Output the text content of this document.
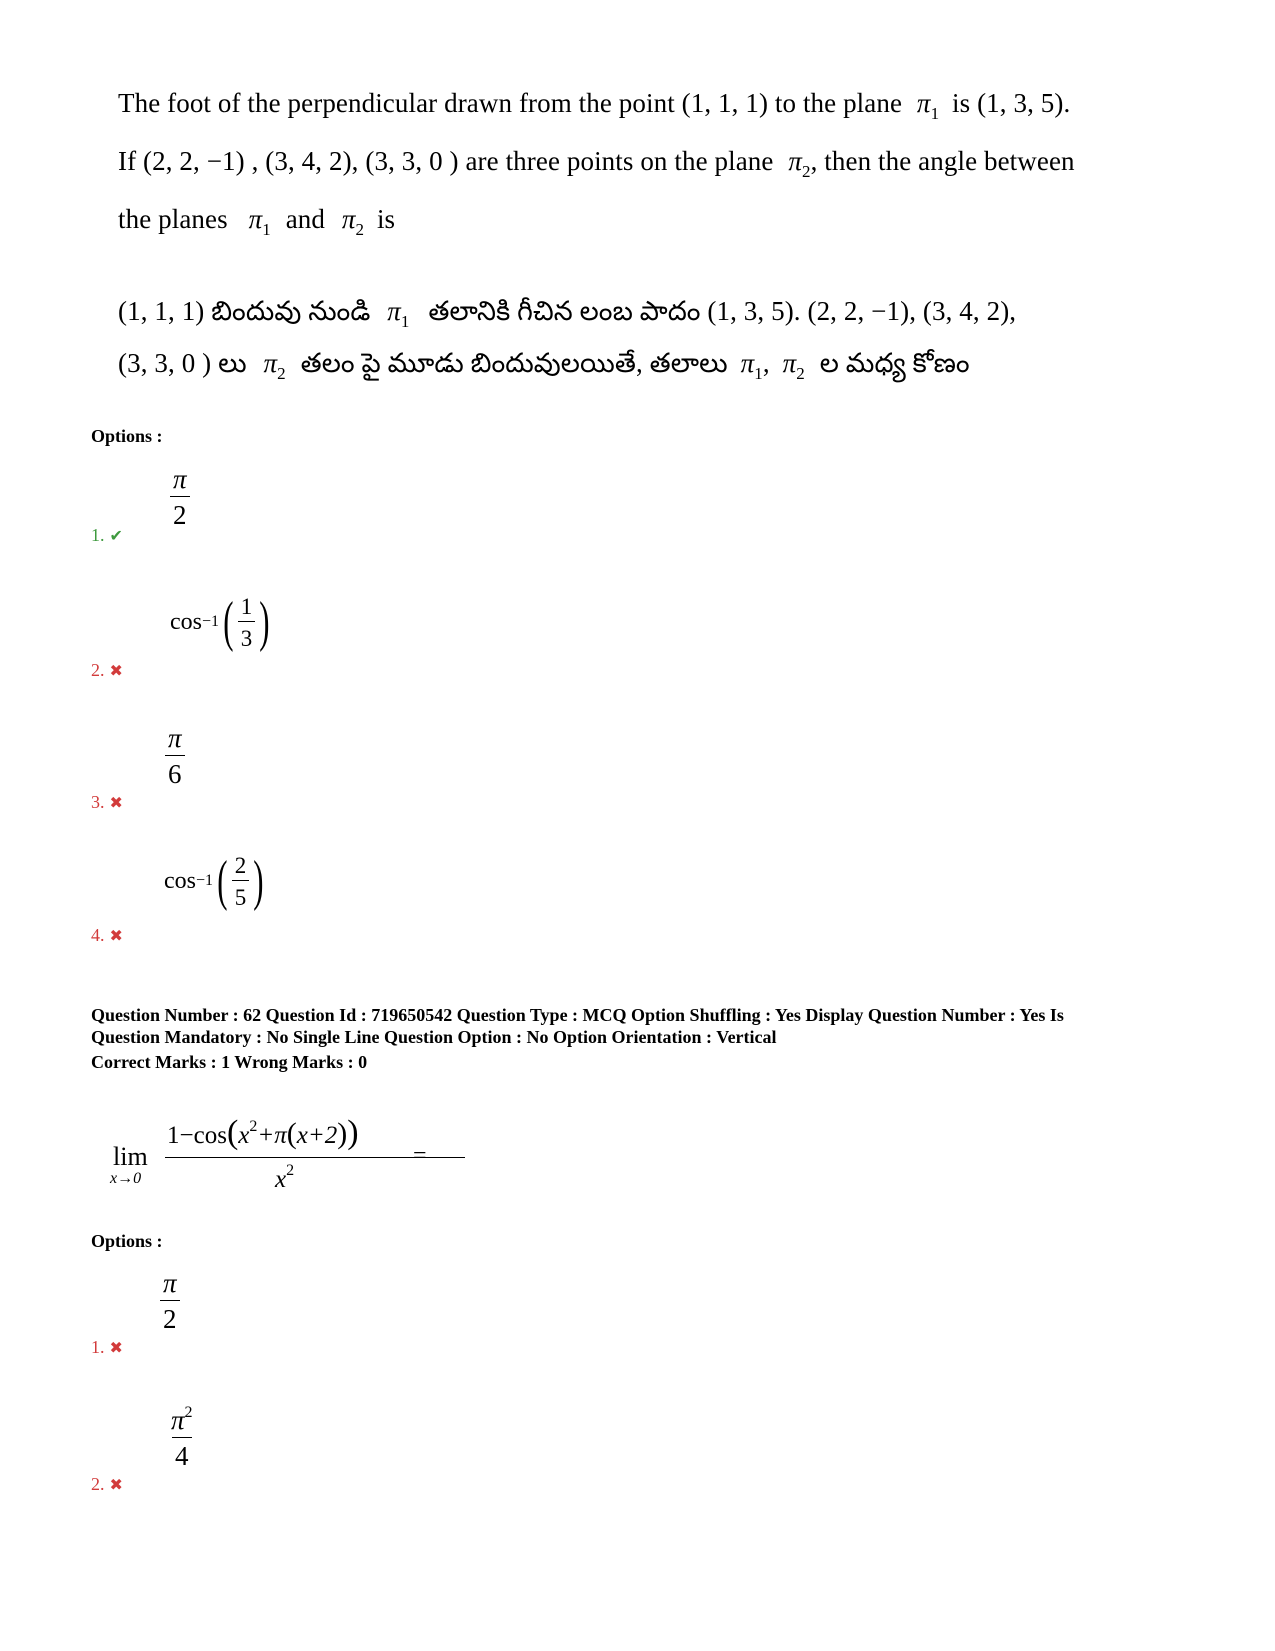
The foot of the perpendicular drawn from the point (1, 1, 1) to the plane $\pi_1$ is (1, 3, 5).
If (2, 2, −1) , (3, 4, 2), (3, 3, 0 ) are three points on the plane $\pi_2$, then the angle between
the planes $\pi_1$ and $\pi_2$ is
(1, 1, 1) బిందువు నుండి $\pi_1$ తలానికి గీచిన లంబ పాదం (1, 3, 5). (2, 2, −1), (3, 4, 2),
(3, 3, 0 ) లు $\pi_2$ తలం పై మూడు బిందువులయితే, తలాలు $\pi_1$, $\pi_2$ ల మధ్య కోణం
Options :
$\frac{\pi}{2}$
1. ✔
cos −1 ( $\frac{1}{3}$ )
2. ✖
$\frac{\pi}{6}$
3. ✖
cos −1 ( $\frac{2}{5}$ )
4. ✖
Question Number : 62 Question Id : 719650542 Question Type : MCQ Option Shuffling : Yes Display Question Number : Yes Is
Question Mandatory : No Single Line Question Option : No Option Orientation : Vertical
Correct Marks : 1 Wrong Marks : 0
lim
x→0
$1-\cos(x^2+\pi(x+2))$
$x^2$
=
Options :
$\frac{\pi}{2}$
1. ✖
$\frac{\pi^2}{4}$
2. ✖
